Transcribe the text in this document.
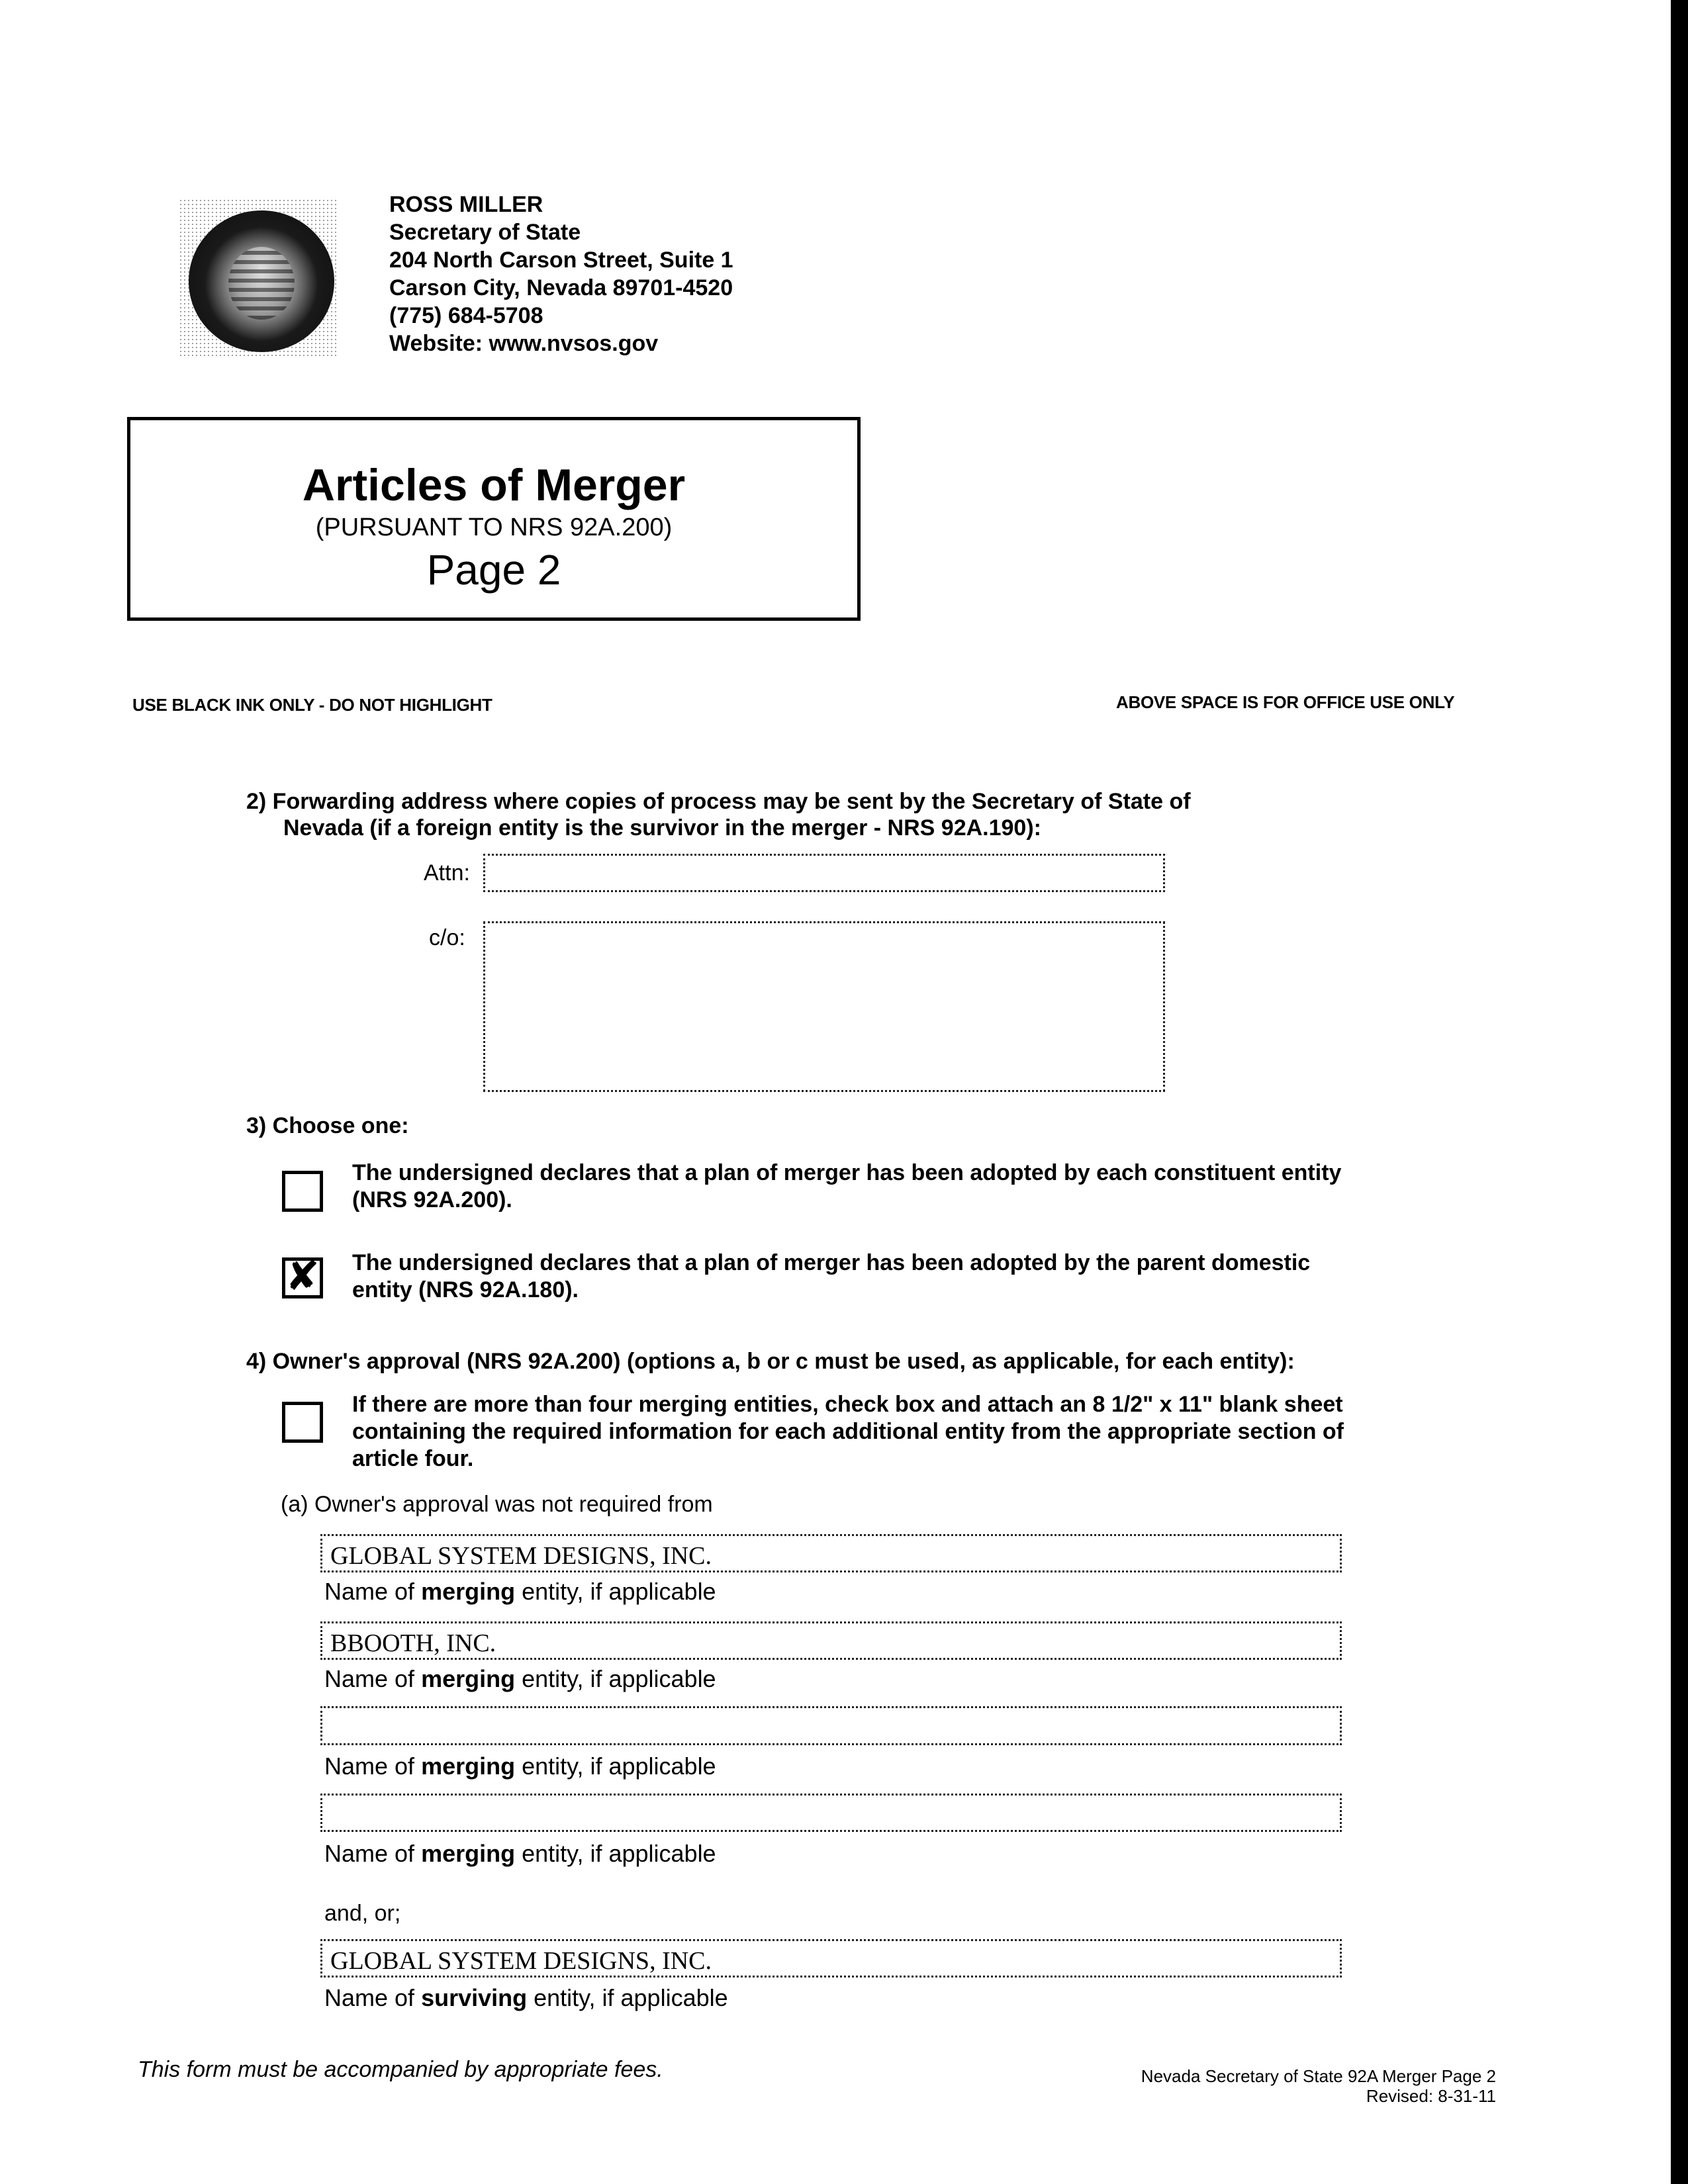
ROSS MILLER
Secretary of State
204 North Carson Street, Suite 1
Carson City, Nevada 89701-4520
(775) 684-5708
Website: www.nvsos.gov
Articles of Merger
(PURSUANT TO NRS 92A.200)
Page 2
USE BLACK INK ONLY - DO NOT HIGHLIGHT	ABOVE SPACE IS FOR OFFICE USE ONLY
2) Forwarding address where copies of process may be sent by the Secretary of State of
Nevada (if a foreign entity is the survivor in the merger - NRS 92A.190):
Attn:
c/o:
3) Choose one:
The undersigned declares that a plan of merger has been adopted by each constituent entity
(NRS 92A.200).
✘ The undersigned declares that a plan of merger has been adopted by the parent domestic
entity (NRS 92A.180).
4) Owner's approval (NRS 92A.200) (options a, b or c must be used, as applicable, for each entity):
If there are more than four merging entities, check box and attach an 8 1/2" x 11" blank sheet
containing the required information for each additional entity from the appropriate section of
article four.
(a) Owner's approval was not required from
GLOBAL SYSTEM DESIGNS, INC.
Name of merging entity, if applicable
BBOOTH, INC.
Name of merging entity, if applicable
Name of merging entity, if applicable
Name of merging entity, if applicable
and, or;
GLOBAL SYSTEM DESIGNS, INC.
Name of surviving entity, if applicable
This form must be accompanied by appropriate fees.	Nevada Secretary of State 92A Merger Page 2
Revised: 8-31-11
